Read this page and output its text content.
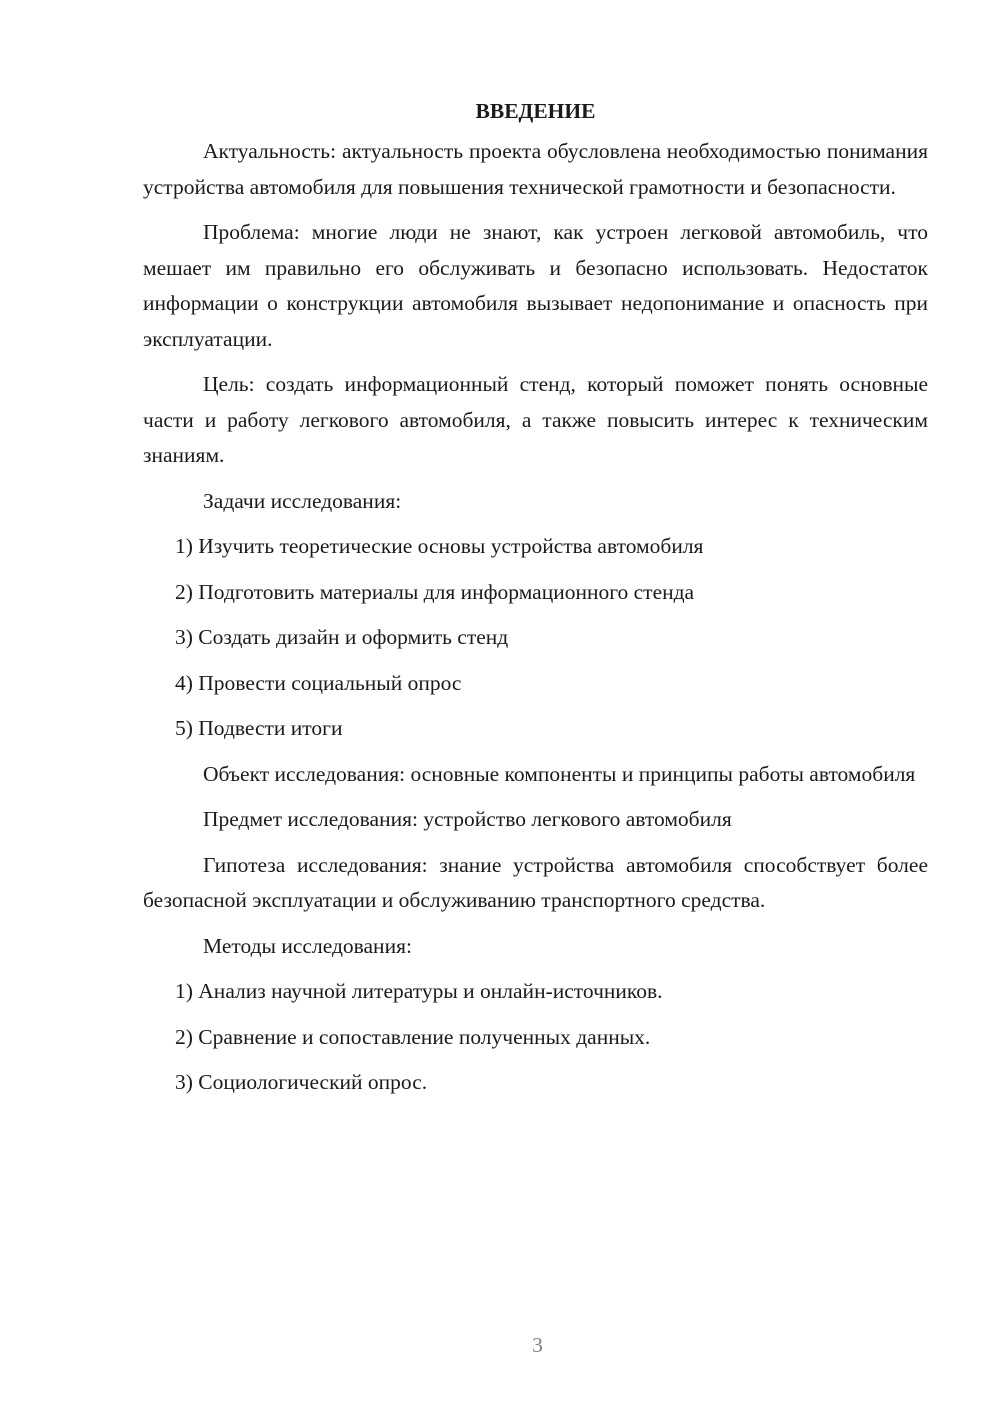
ВВЕДЕНИЕ

Актуальность: актуальность проекта обусловлена необходимостью понимания устройства автомобиля для повышения технической грамотности и безопасности.

Проблема: многие люди не знают, как устроен легковой автомобиль, что мешает им правильно его обслуживать и безопасно использовать. Недостаток информации о конструкции автомобиля вызывает недопонимание и опасность при эксплуатации.

Цель: создать информационный стенд, который поможет понять основные части и работу легкового автомобиля, а также повысить интерес к техническим знаниям.

Задачи исследования:

1) Изучить теоретические основы устройства автомобиля
2) Подготовить материалы для информационного стенда
3) Создать дизайн и оформить стенд
4) Провести социальный опрос
5) Подвести итоги

Объект исследования: основные компоненты и принципы работы автомобиля

Предмет исследования: устройство легкового автомобиля

Гипотеза исследования: знание устройства автомобиля способствует более безопасной эксплуатации и обслуживанию транспортного средства.

Методы исследования:

1) Анализ научной литературы и онлайн-источников.
2) Сравнение и сопоставление полученных данных.
3) Социологический опрос.
3
